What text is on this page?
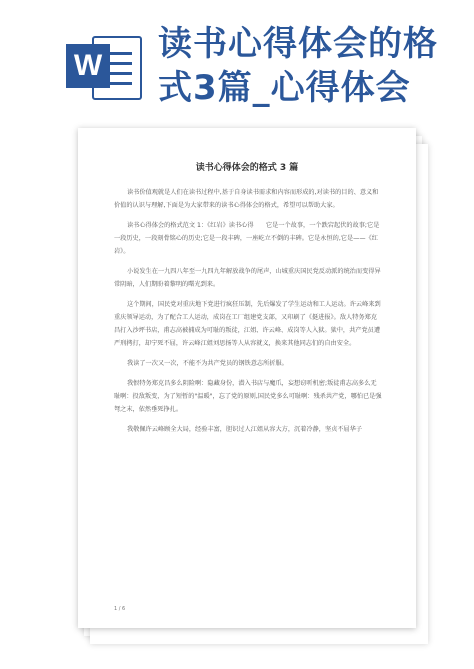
W
读书心得体会的格式3篇_心得体会
读书心得体会的格式 3 篇

读书价值观就是人们在读书过程中,基于自身读书需求和内容而形成的,对读书的目的、意义和价值的认识与理解,下面是为大家带来的读书心得体会的格式，希望可以帮助大家。

读书心得体会的格式范文 1：《红岩》读书心得　　它是一个故事，一个跌宕起伏的故事;它是一段历史，一段刻骨铭心的历史;它是一段丰碑，一座屹立不倒的丰碑。它是永恒的,它是——《红岩》。

小说发生在一九四八年至一九四九年解放战争的尾声，山城重庆国民党反动派的统治而变得异常阴暗，人们期盼着黎明的曙光到来。

这个期间，国民党对重庆地下党进行疯狂压制，先后爆发了学生运动和工人运动。许云峰来到重庆领导运动，为了配合工人运动，成岗在工厂组建党支部，又印刷了《挺进报》。敌人特务郑克昌打入沙坪书店，甫志高被捕成为可耻的叛徒，江姐、许云峰、成岗等人入狱。狱中，共产党员遭严刑拷打，却宁死不屈，许云峰江姐刘思扬等人从容就义，换来其他同志们的自由安全。

我读了一次又一次，不能不为共产党员的钢铁意志所折服。

我恨特务郑克昌多么阴险啊：隐藏身份，潜入书店与魔爪，妄想窃听机密;叛徒甫志高多么无耻啊：投敌叛变，为了短暂的"温暖"，忘了党的原则,国民党多么可耻啊：残杀共产党，哪怕已是强弩之末，依然垂死挣扎。

我敬佩许云峰顾全大局，经验丰富，胆识过人江姐从容大方，沉着冷静，坚贞不屈华子

1 / 6
